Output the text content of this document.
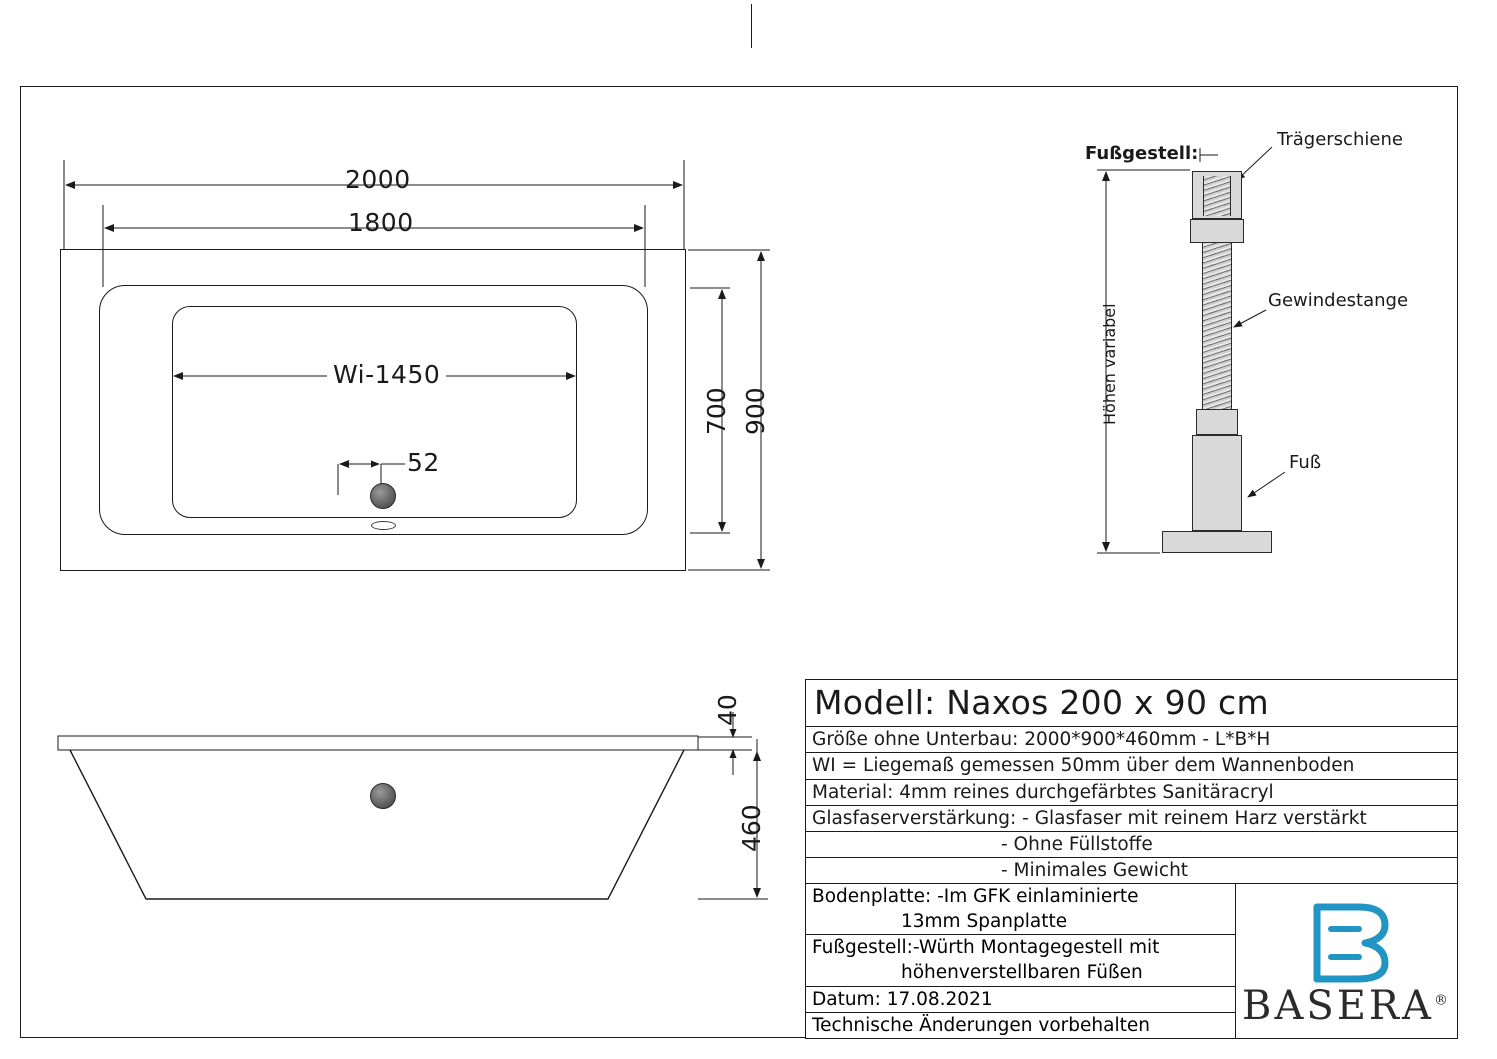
2000
1800
Wi-1450
52
700 900
40
460
Fußgestell:
Trägerschiene
Gewindestange
Fuß
Höhen variabel
Modell: Naxos 200 x 90 cm
Größe ohne Unterbau: 2000*900*460mm - L*B*H
WI = Liegemaß gemessen 50mm über dem Wannenboden
Material: 4mm reines durchgefärbtes Sanitäracryl
Glasfaserverstärkung: - Glasfaser mit reinem Harz verstärkt
- Ohne Füllstoffe
- Minimales Gewicht
Bodenplatte: -Im GFK einlaminierte
13mm Spanplatte
Fußgestell:-Würth Montagegestell mit
höhenverstellbaren Füßen
Datum: 17.08.2021
Technische Änderungen vorbehalten	BASERA®
